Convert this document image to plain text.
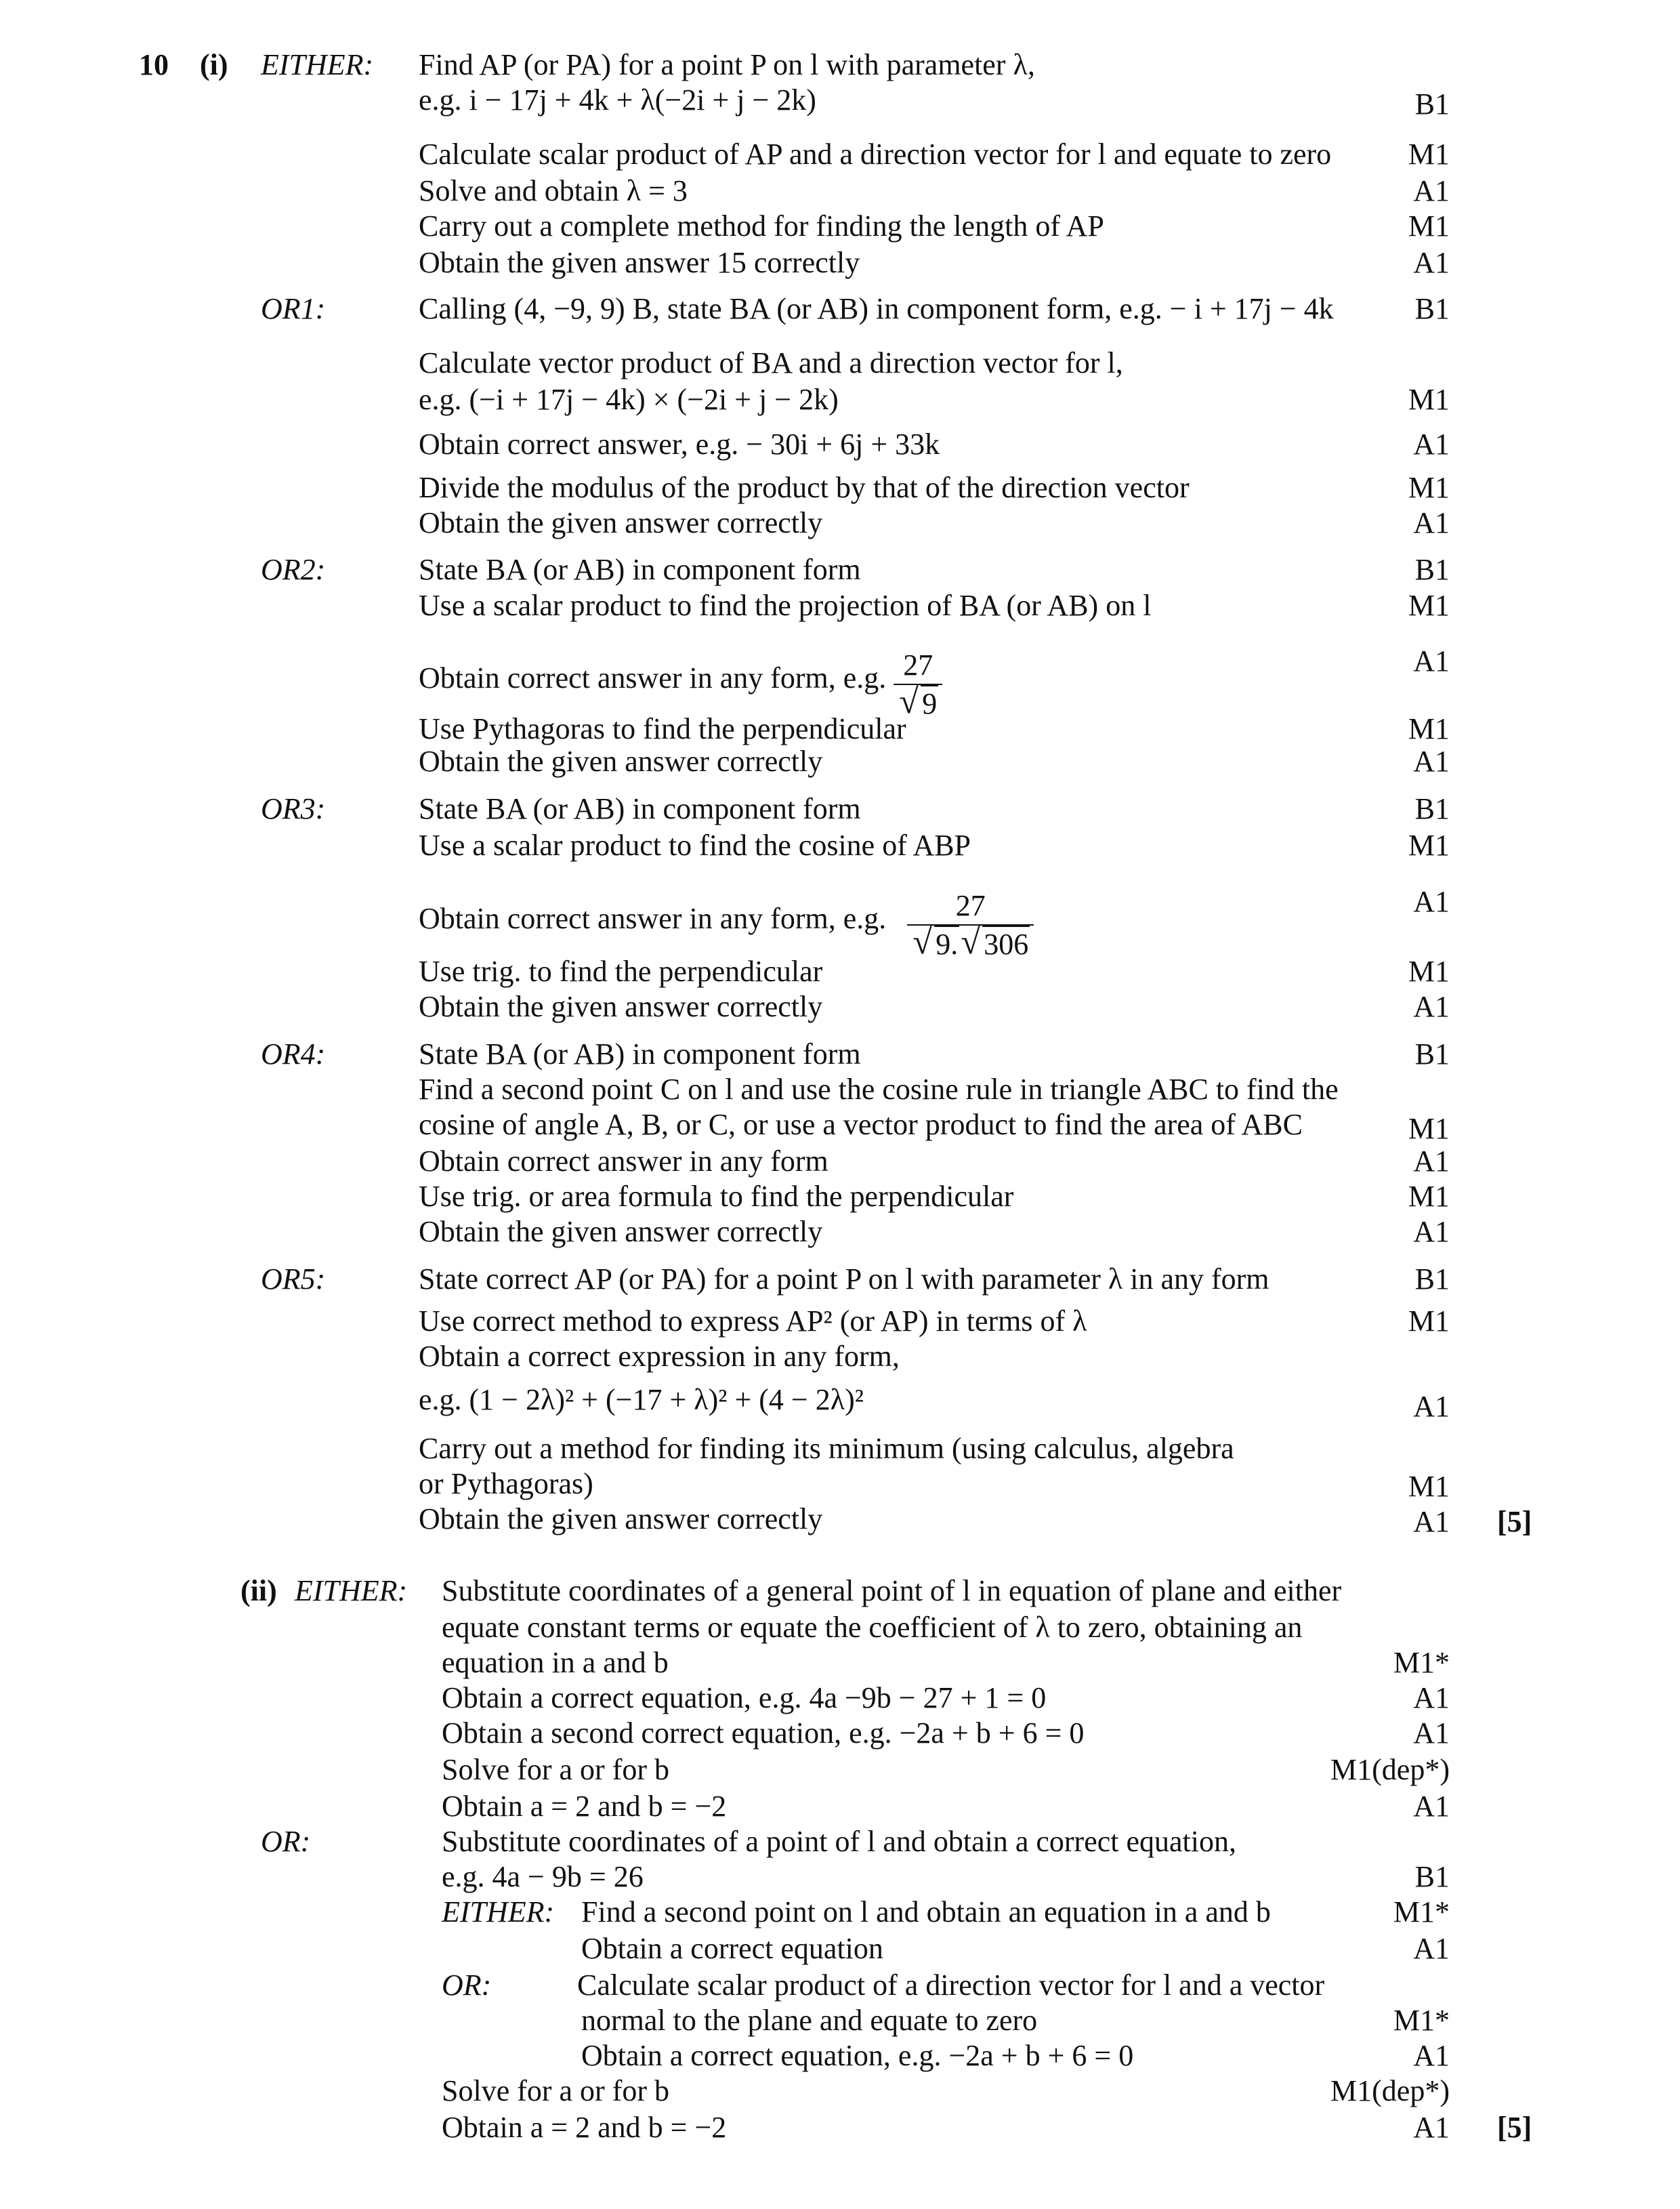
10 (i) EITHER: Find AP (or PA) for a point P on l with parameter λ,
e.g. i − 17j + 4k + λ(−2i + j − 2k)	B1
Calculate scalar product of AP and a direction vector for l and equate to zero	M1
Solve and obtain λ = 3	A1
Carry out a complete method for finding the length of AP	M1
Obtain the given answer 15 correctly	A1
OR1:	Calling (4, −9, 9) B, state BA (or AB) in component form, e.g. − i + 17j − 4k	B1
Calculate vector product of BA and a direction vector for l,
e.g. (−i + 17j − 4k) × (−2i + j − 2k)	M1
Obtain correct answer, e.g. − 30i + 6j + 33k	A1
Divide the modulus of the product by that of the direction vector	M1
Obtain the given answer correctly	A1
OR2:	State BA (or AB) in component form	B1
Use a scalar product to find the projection of BA (or AB) on l	M1
Obtain correct answer in any form, e.g. $\frac{27}{√ 9}$	A1
Use Pythagoras to find the perpendicular	M1
Obtain the given answer correctly	A1
OR3:	State BA (or AB) in component form	B1
Use a scalar product to find the cosine of ABP	M1
Obtain correct answer in any form, e.g. $\frac{27}{√ 9. √ 306}$	A1
Use trig. to find the perpendicular	M1
Obtain the given answer correctly	A1
OR4:	State BA (or AB) in component form	B1
Find a second point C on l and use the cosine rule in triangle ABC to find the
cosine of angle A, B, or C, or use a vector product to find the area of ABC	M1
Obtain correct answer in any form	A1
Use trig. or area formula to find the perpendicular	M1
Obtain the given answer correctly	A1
OR5:	State correct AP (or PA) for a point P on l with parameter λ in any form	B1
Use correct method to express AP² (or AP) in terms of λ	M1
Obtain a correct expression in any form,
e.g. (1 − 2λ)² + (−17 + λ)² + (4 − 2λ)²	A1
Carry out a method for finding its minimum (using calculus, algebra
or Pythagoras)	M1
Obtain the given answer correctly	A1 [5]
(ii) EITHER: Substitute coordinates of a general point of l in equation of plane and either
equate constant terms or equate the coefficient of λ to zero, obtaining an
equation in a and b	M1*
Obtain a correct equation, e.g. 4a −9b − 27 + 1 = 0	A1
Obtain a second correct equation, e.g. −2a + b + 6 = 0	A1
Solve for a or for b	M1(dep*)
Obtain a = 2 and b = −2	A1
OR:	Substitute coordinates of a point of l and obtain a correct equation,
e.g. 4a − 9b = 26	B1
EITHER: Find a second point on l and obtain an equation in a and b	M1*
Obtain a correct equation	A1
OR:	Calculate scalar product of a direction vector for l and a vector
normal to the plane and equate to zero	M1*
Obtain a correct equation, e.g. −2a + b + 6 = 0	A1
Solve for a or for b	M1(dep*)
Obtain a = 2 and b = −2	A1 [5]
